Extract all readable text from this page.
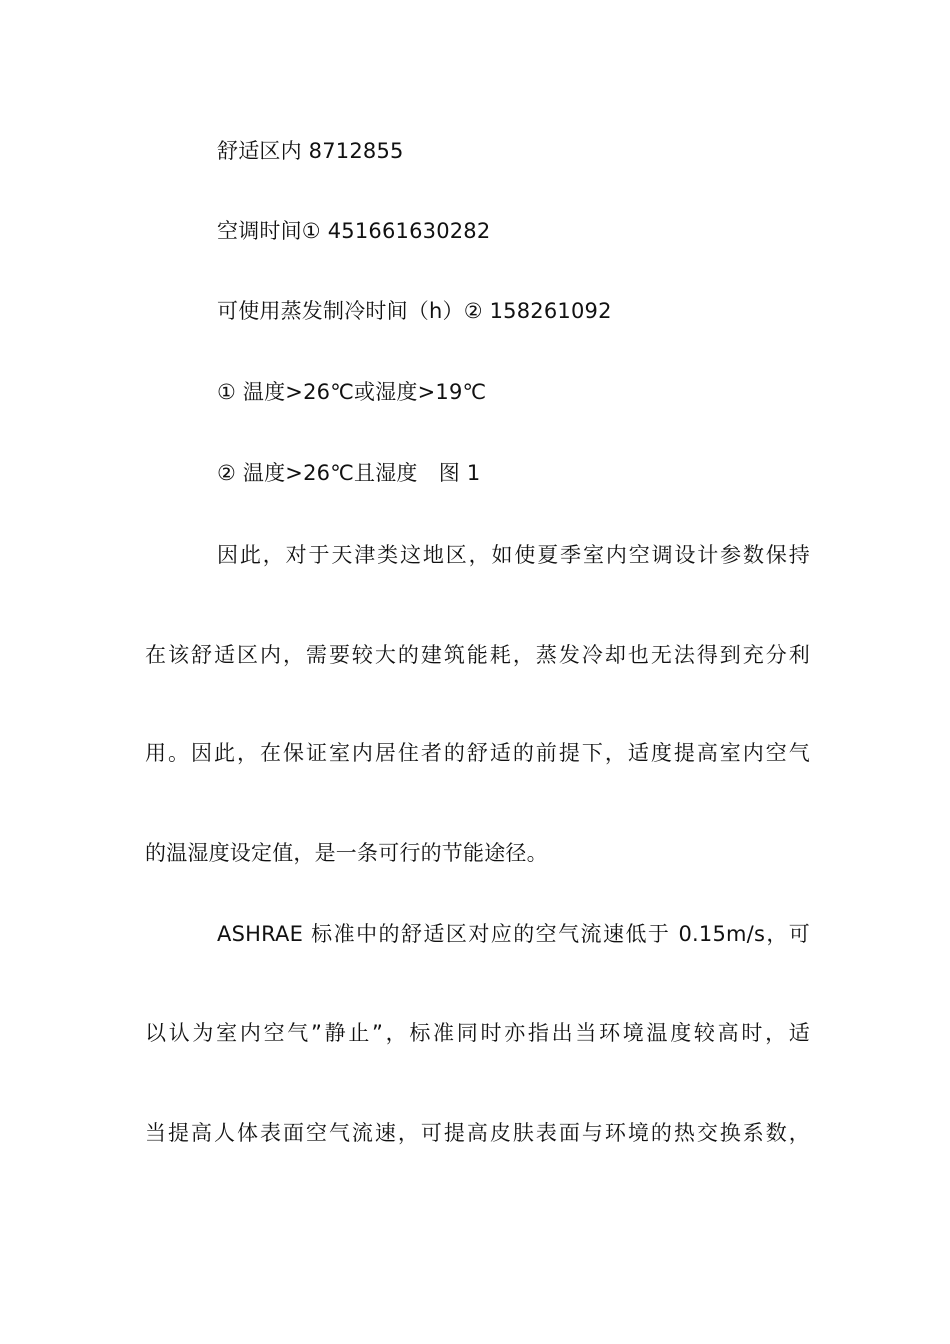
舒适区内 8712855
空调时间① 451661630282
可使用蒸发制冷时间（h）② 158261092
① 温度>26℃或湿度>19℃
② 温度>26℃且湿度　图 1
因此，对于天津类这地区，如使夏季室内空调设计参数保持
在该舒适区内，需要较大的建筑能耗，蒸发冷却也无法得到充分利
用。因此，在保证室内居住者的舒适的前提下，适度提高室内空气
的温湿度设定值，是一条可行的节能途径。
ASHRAE 标准中的舒适区对应的空气流速低于 0.15m/s，可
以认为室内空气”静止”，标准同时亦指出当环境温度较高时，适
当提高人体表面空气流速，可提高皮肤表面与环境的热交换系数，
